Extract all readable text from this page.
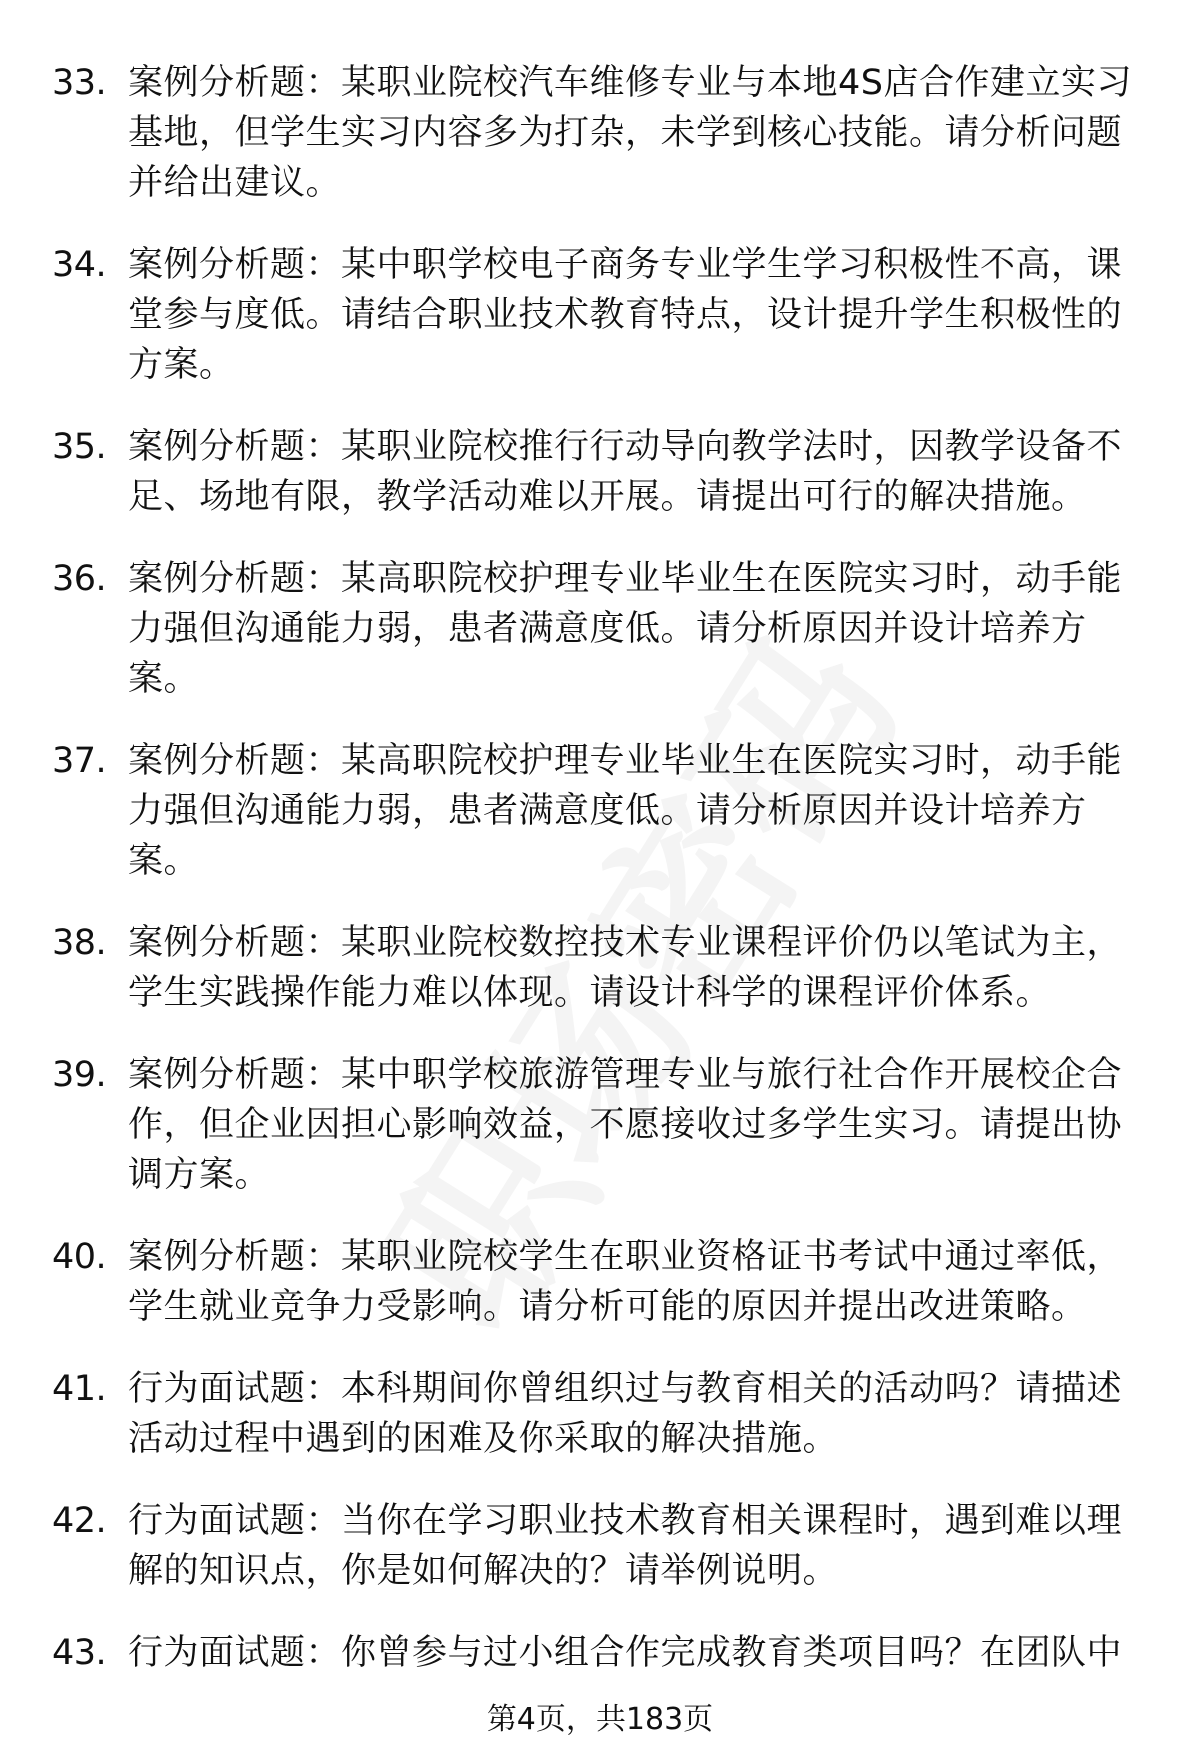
33. 案例分析题：某职业院校汽车维修专业与本地4S店合作建立实习基地，但学生实习内容多为打杂，未学到核心技能。请分析问题并给出建议。
34. 案例分析题：某中职学校电子商务专业学生学习积极性不高，课堂参与度低。请结合职业技术教育特点，设计提升学生积极性的方案。
35. 案例分析题：某职业院校推行行动导向教学法时，因教学设备不足、场地有限，教学活动难以开展。请提出可行的解决措施。
36. 案例分析题：某高职院校护理专业毕业生在医院实习时，动手能力强但沟通能力弱，患者满意度低。请分析原因并设计培养方案。
37. 案例分析题：某高职院校护理专业毕业生在医院实习时，动手能力强但沟通能力弱，患者满意度低。请分析原因并设计培养方案。
38. 案例分析题：某职业院校数控技术专业课程评价仍以笔试为主，学生实践操作能力难以体现。请设计科学的课程评价体系。
39. 案例分析题：某中职学校旅游管理专业与旅行社合作开展校企合作，但企业因担心影响效益，不愿接收过多学生实习。请提出协调方案。
40. 案例分析题：某职业院校学生在职业资格证书考试中通过率低，学生就业竞争力受影响。请分析可能的原因并提出改进策略。
41. 行为面试题：本科期间你曾组织过与教育相关的活动吗？请描述活动过程中遇到的困难及你采取的解决措施。
42. 行为面试题：当你在学习职业技术教育相关课程时，遇到难以理解的知识点，你是如何解决的？请举例说明。
43. 行为面试题：你曾参与过小组合作完成教育类项目吗？在团队中
第4页，共183页
